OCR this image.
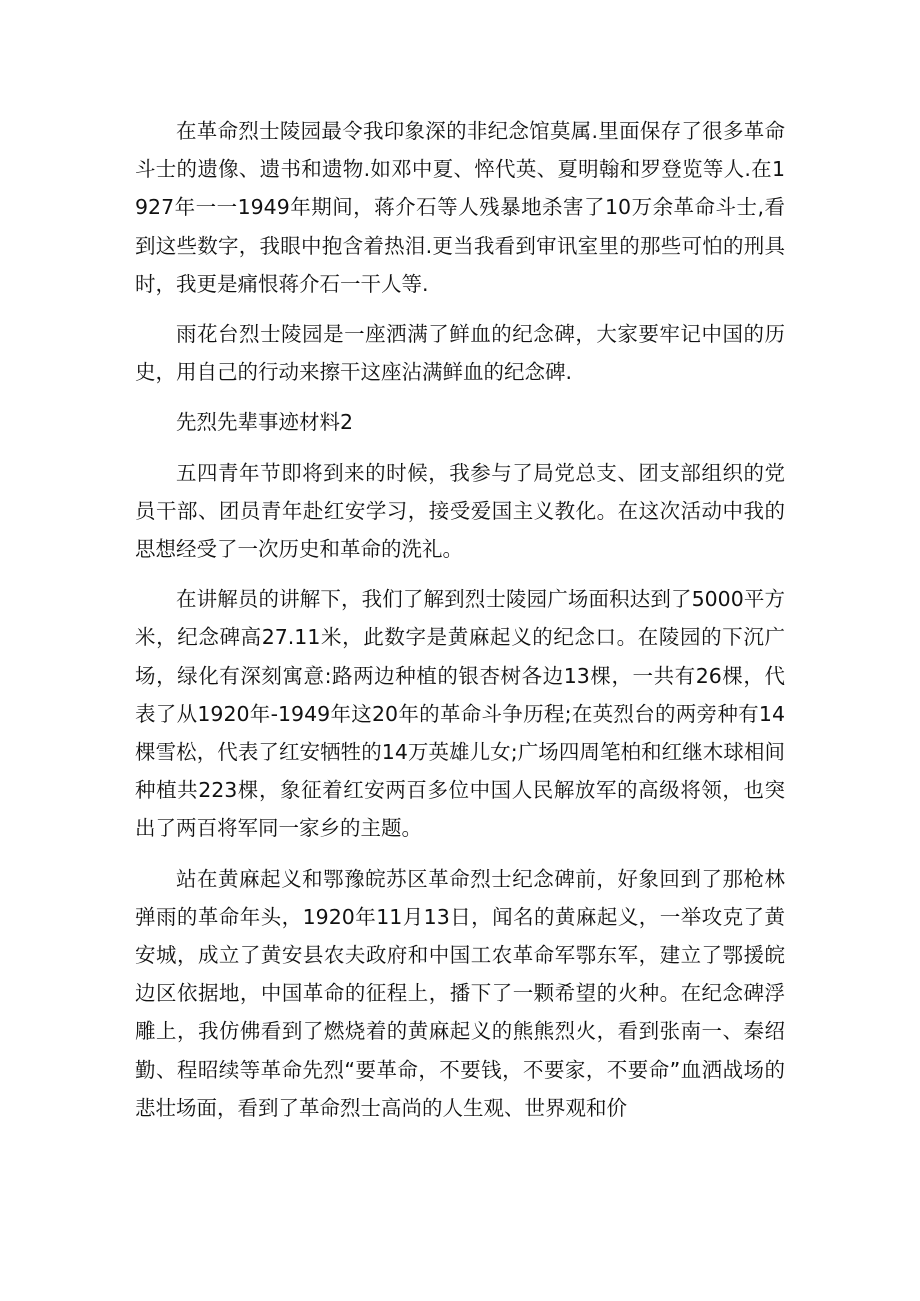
在革命烈士陵园最令我印象深的非纪念馆莫属.里面保存了很多革命斗士的遗像、遗书和遗物.如邓中夏、悴代英、夏明翰和罗登览等人.在1927年一一1949年期间，蒋介石等人残暴地杀害了10万余革命斗士,看到这些数字，我眼中抱含着热泪.更当我看到审讯室里的那些可怕的刑具时，我更是痛恨蒋介石一干人等.

雨花台烈士陵园是一座洒满了鲜血的纪念碑，大家要牢记中国的历史，用自己的行动来擦干这座沾满鲜血的纪念碑.

先烈先辈事迹材料2

五四青年节即将到来的时候，我参与了局党总支、团支部组织的党员干部、团员青年赴红安学习，接受爱国主义教化。在这次活动中我的思想经受了一次历史和革命的洗礼。

在讲解员的讲解下，我们了解到烈士陵园广场面积达到了5000平方米，纪念碑高27.11米，此数字是黄麻起义的纪念口。在陵园的下沉广场，绿化有深刻寓意:路两边种植的银杏树各边13棵，一共有26棵，代表了从1920年-1949年这20年的革命斗争历程;在英烈台的两旁种有14棵雪松，代表了红安牺牲的14万英雄儿女;广场四周笔柏和红继木球相间种植共223棵，象征着红安两百多位中国人民解放军的高级将领，也突出了两百将军同一家乡的主题。

站在黄麻起义和鄂豫皖苏区革命烈士纪念碑前，好象回到了那枪林弹雨的革命年头，1920年11月13日，闻名的黄麻起义，一举攻克了黄安城，成立了黄安县农夫政府和中国工农革命军鄂东军，建立了鄂援皖边区依据地，中国革命的征程上，播下了一颗希望的火种。在纪念碑浮雕上，我仿佛看到了燃烧着的黄麻起义的熊熊烈火，看到张南一、秦绍勤、程昭续等革命先烈“要革命，不要钱，不要家，不要命”血洒战场的悲壮场面，看到了革命烈士高尚的人生观、世界观和价
